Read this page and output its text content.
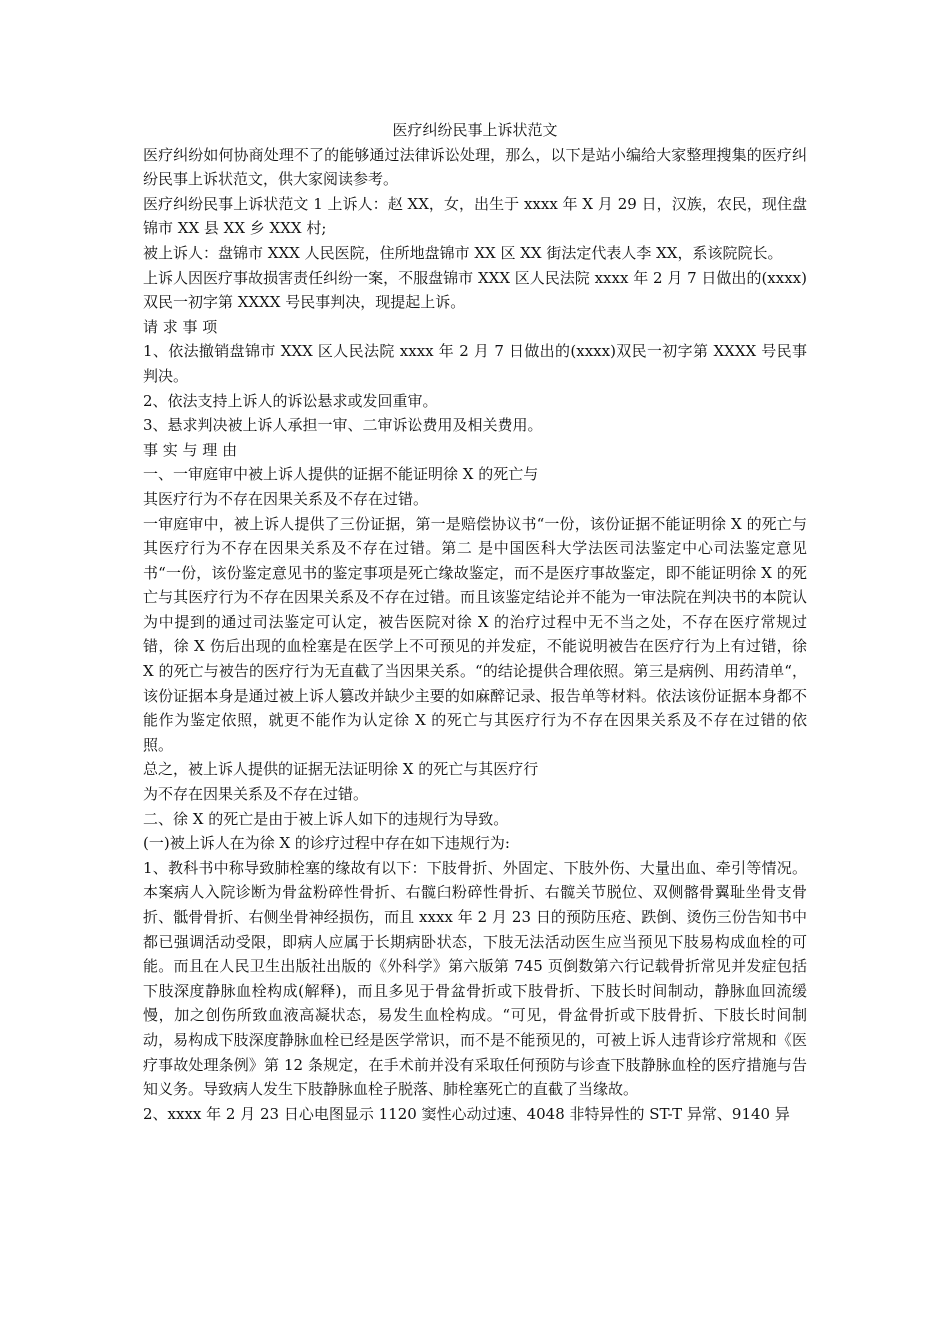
医疗纠纷民事上诉状范文

医疗纠纷如何协商处理不了的能够通过法律诉讼处理，那么，以下是站小编给大家整理搜集的医疗纠纷民事上诉状范文，供大家阅读参考。

医疗纠纷民事上诉状范文 1 上诉人：赵 XX，女，出生于 xxxx 年 X 月 29 日，汉族，农民，现住盘锦市 XX 县 XX 乡 XXX 村;

被上诉人：盘锦市 XXX 人民医院，住所地盘锦市 XX 区 XX 街法定代表人李 XX，系该院院长。

上诉人因医疗事故损害责任纠纷一案，不服盘锦市 XXX 区人民法院 xxxx 年 2 月 7 日做出的(xxxx)双民一初字第 XXXX 号民事判决，现提起上诉。

请 求 事 项

1、依法撤销盘锦市 XXX 区人民法院 xxxx 年 2 月 7 日做出的(xxxx)双民一初字第 XXXX 号民事判决。

2、依法支持上诉人的诉讼悬求或发回重审。

3、悬求判决被上诉人承担一审、二审诉讼费用及相关费用。

事 实 与 理 由

一、一审庭审中被上诉人提供的证据不能证明徐 X 的死亡与

其医疗行为不存在因果关系及不存在过错。

一审庭审中，被上诉人提供了三份证据，第一是赔偿协议书“一份，该份证据不能证明徐 X 的死亡与其医疗行为不存在因果关系及不存在过错。第二 是中国医科大学法医司法鉴定中心司法鉴定意见书“一份，该份鉴定意见书的鉴定事项是死亡缘故鉴定，而不是医疗事故鉴定，即不能证明徐 X 的死亡与其医疗行为不存在因果关系及不存在过错。而且该鉴定结论并不能为一审法院在判决书的本院认为中提到的通过司法鉴定可认定，被告医院对徐 X 的治疗过程中无不当之处，不存在医疗常规过错，徐 X 伤后出现的血栓塞是在医学上不可预见的并发症，不能说明被告在医疗行为上有过错，徐 X 的死亡与被告的医疗行为无直截了当因果关系。“的结论提供合理依照。第三是病例、用药清单“，该份证据本身是通过被上诉人篡改并缺少主要的如麻醉记录、报告单等材料。依法该份证据本身都不能作为鉴定依照，就更不能作为认定徐 X 的死亡与其医疗行为不存在因果关系及不存在过错的依照。

总之，被上诉人提供的证据无法证明徐 X 的死亡与其医疗行

为不存在因果关系及不存在过错。

二、徐 X 的死亡是由于被上诉人如下的违规行为导致。

(一)被上诉人在为徐 X 的诊疗过程中存在如下违规行为:

1、教科书中称导致肺栓塞的缘故有以下：下肢骨折、外固定、下肢外伤、大量出血、牵引等情况。本案病人入院诊断为骨盆粉碎性骨折、右髋臼粉碎性骨折、右髋关节脱位、双侧髂骨翼耻坐骨支骨折、骶骨骨折、右侧坐骨神经损伤，而且 xxxx 年 2 月 23 日的预防压疮、跌倒、烫伤三份告知书中都已强调活动受限，即病人应属于长期病卧状态，下肢无法活动医生应当预见下肢易构成血栓的可能。而且在人民卫生出版社出版的《外科学》第六版第 745 页倒数第六行记载骨折常见并发症包括下肢深度静脉血栓构成(解释)，而且多见于骨盆骨折或下肢骨折、下肢长时间制动，静脉血回流缓慢，加之创伤所致血液高凝状态，易发生血栓构成。“可见，骨盆骨折或下肢骨折、下肢长时间制动，易构成下肢深度静脉血栓已经是医学常识，而不是不能预见的，可被上诉人违背诊疗常规和《医疗事故处理条例》第 12 条规定，在手术前并没有采取任何预防与诊查下肢静脉血栓的医疗措施与告知义务。导致病人发生下肢静脉血栓子脱落、肺栓塞死亡的直截了当缘故。

2、xxxx 年 2 月 23 日心电图显示 1120 窦性心动过速、4048 非特异性的 ST-T 异常、9140 异
